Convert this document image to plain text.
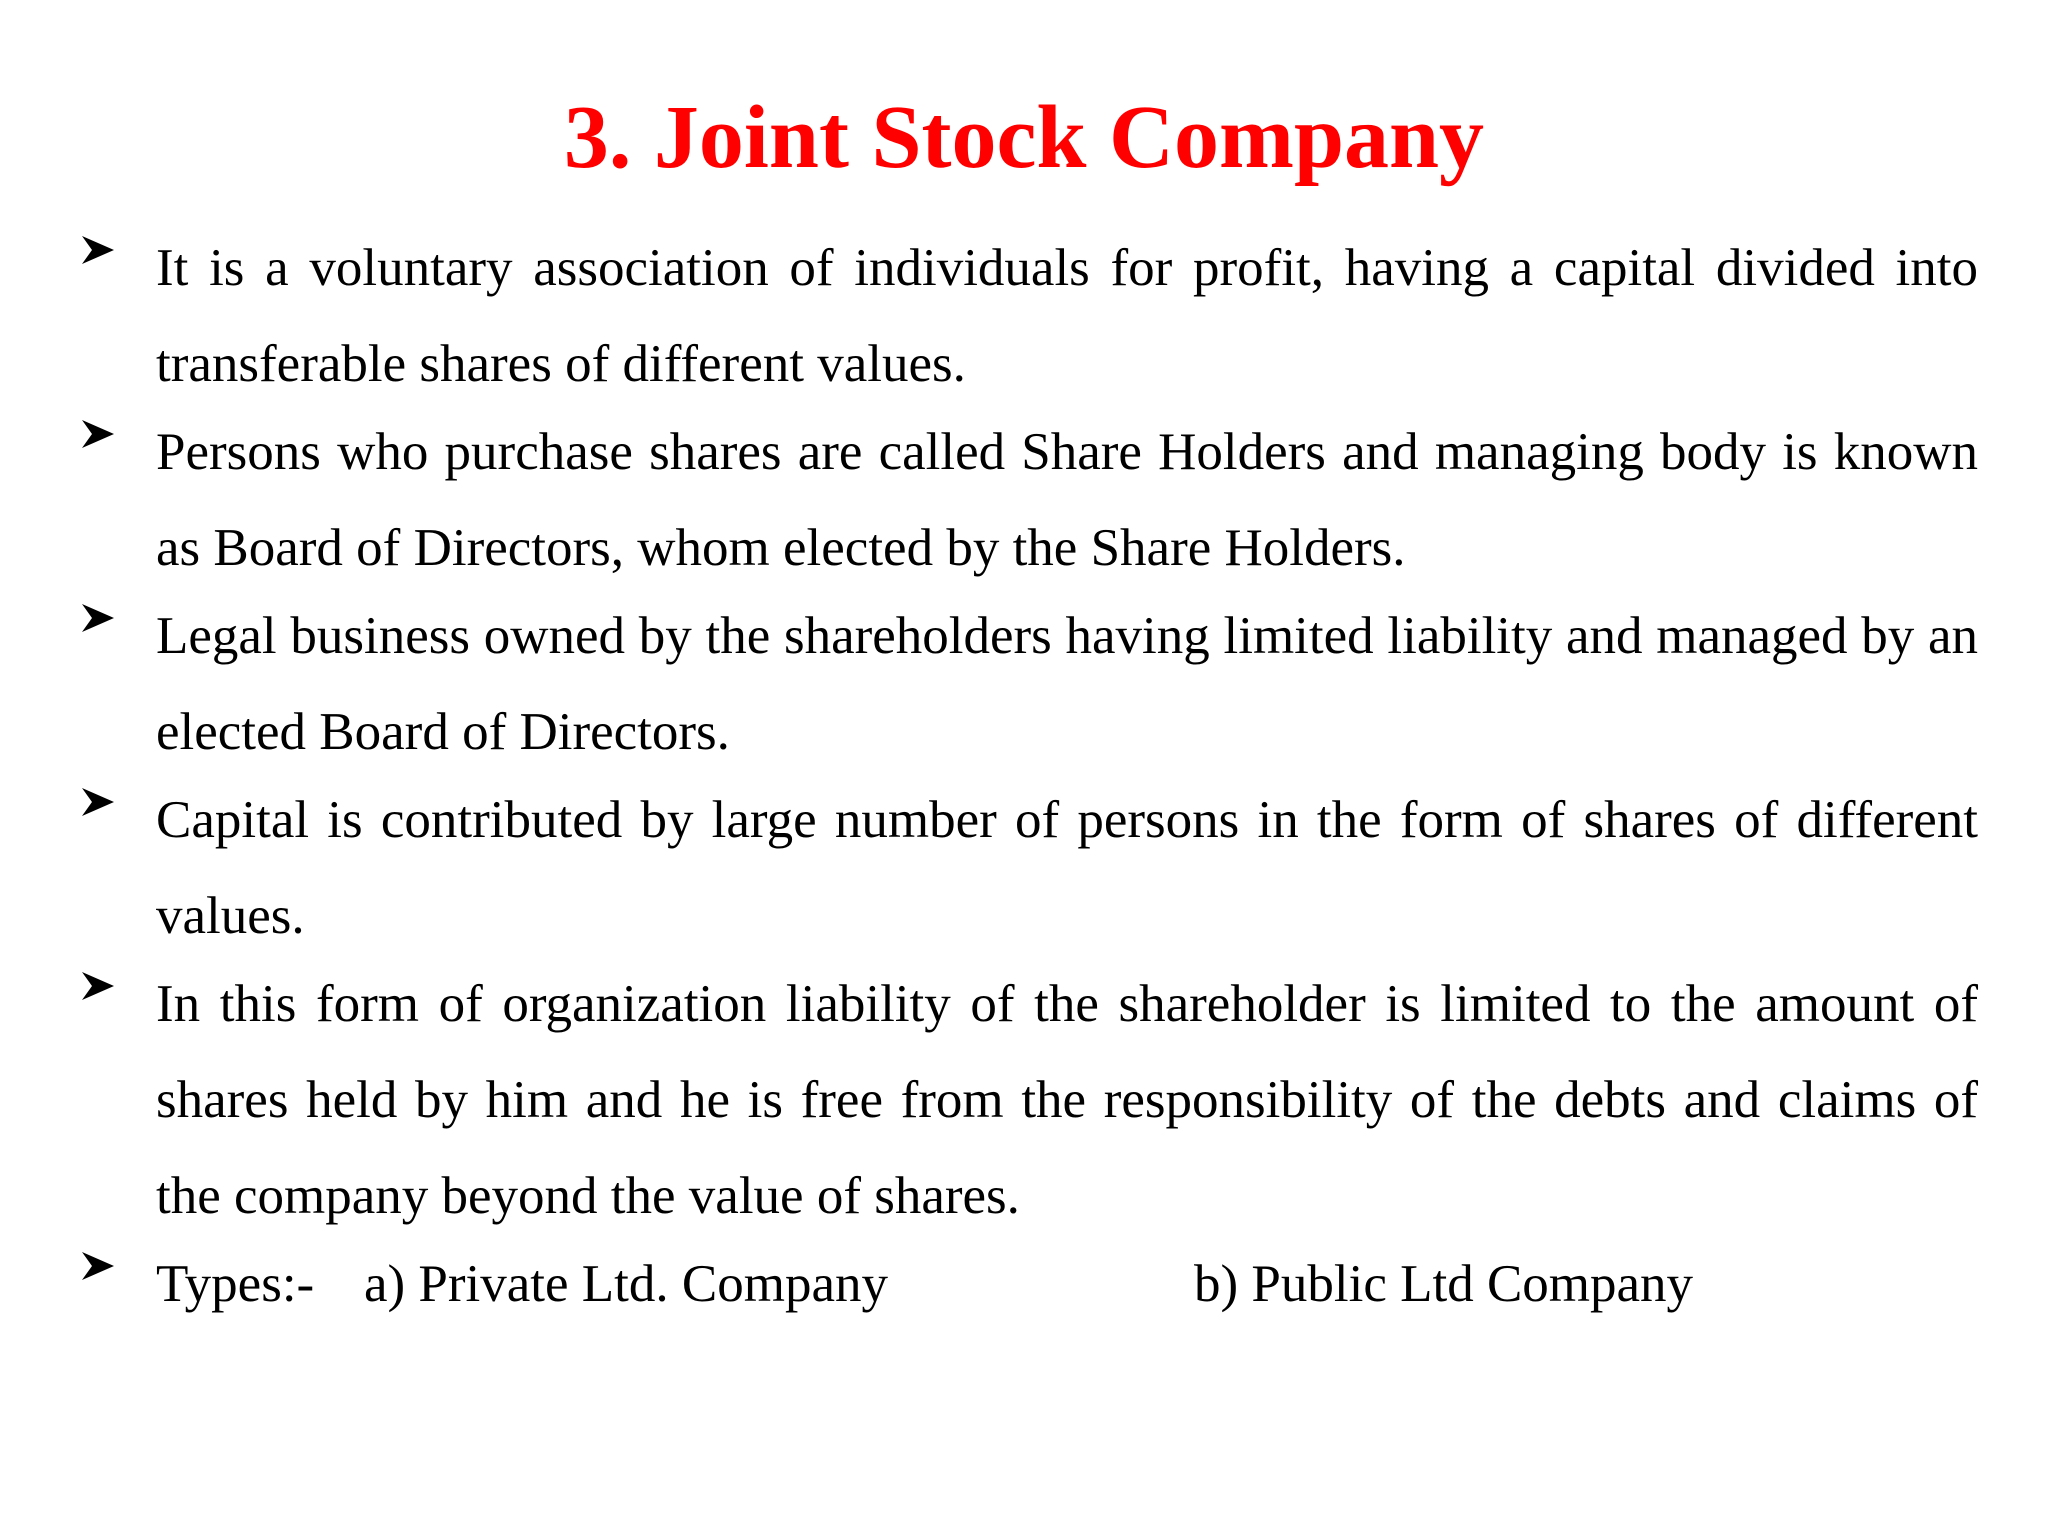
3. Joint Stock Company
It is a voluntary association of individuals for profit, having a capital divided into transferable shares of different values.
Persons who purchase shares are called Share Holders and managing body is known as Board of Directors, whom elected by the Share Holders.
Legal business owned by the shareholders having limited liability and managed by an elected Board of Directors.
Capital is contributed by large number of persons in the form of shares of different values.
In this form of organization liability of the shareholder is limited to the amount of shares held by him and he is free from the responsibility of the debts and claims of the company beyond the value of shares.
Types:- a) Private Ltd. Company	b) Public Ltd Company
